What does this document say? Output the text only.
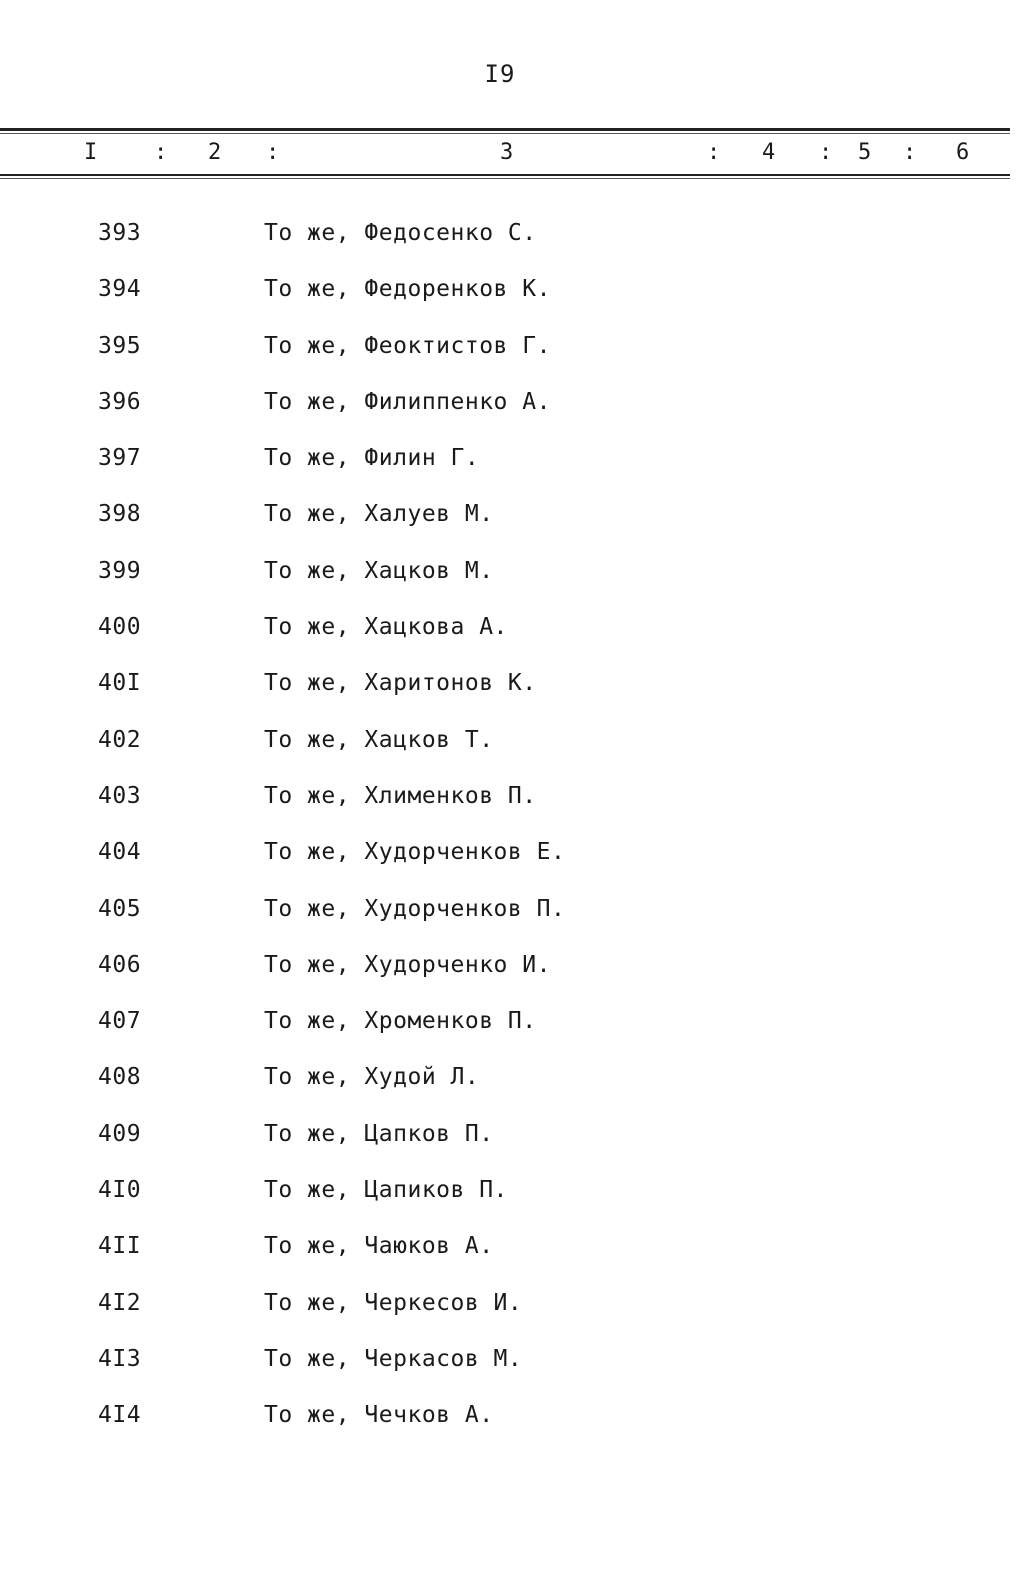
I9
I	: 2 :	3	: 4 : 5 : 6
393	То же, Федосенко С.
394	То же, Федоренков К.
395	То же, Феоктистов Г.
396	То же, Филиппенко А.
397	То же, Филин Г.
398	То же, Халуев М.
399	То же, Хацков М.
400	То же, Хацкова А.
40I	То же, Харитонов К.
402	То же, Хацков Т.
403	То же, Хлименков П.
404	То же, Худорченков Е.
405	То же, Худорченков П.
406	То же, Худорченко И.
407	То же, Хроменков П.
408	То же, Худой Л.
409	То же, Цапков П.
4I0	То же, Цапиков П.
4II	То же, Чаюков А.
4I2	То же, Черкесов И.
4I3	То же, Черкасов М.
4I4	То же, Чечков А.
